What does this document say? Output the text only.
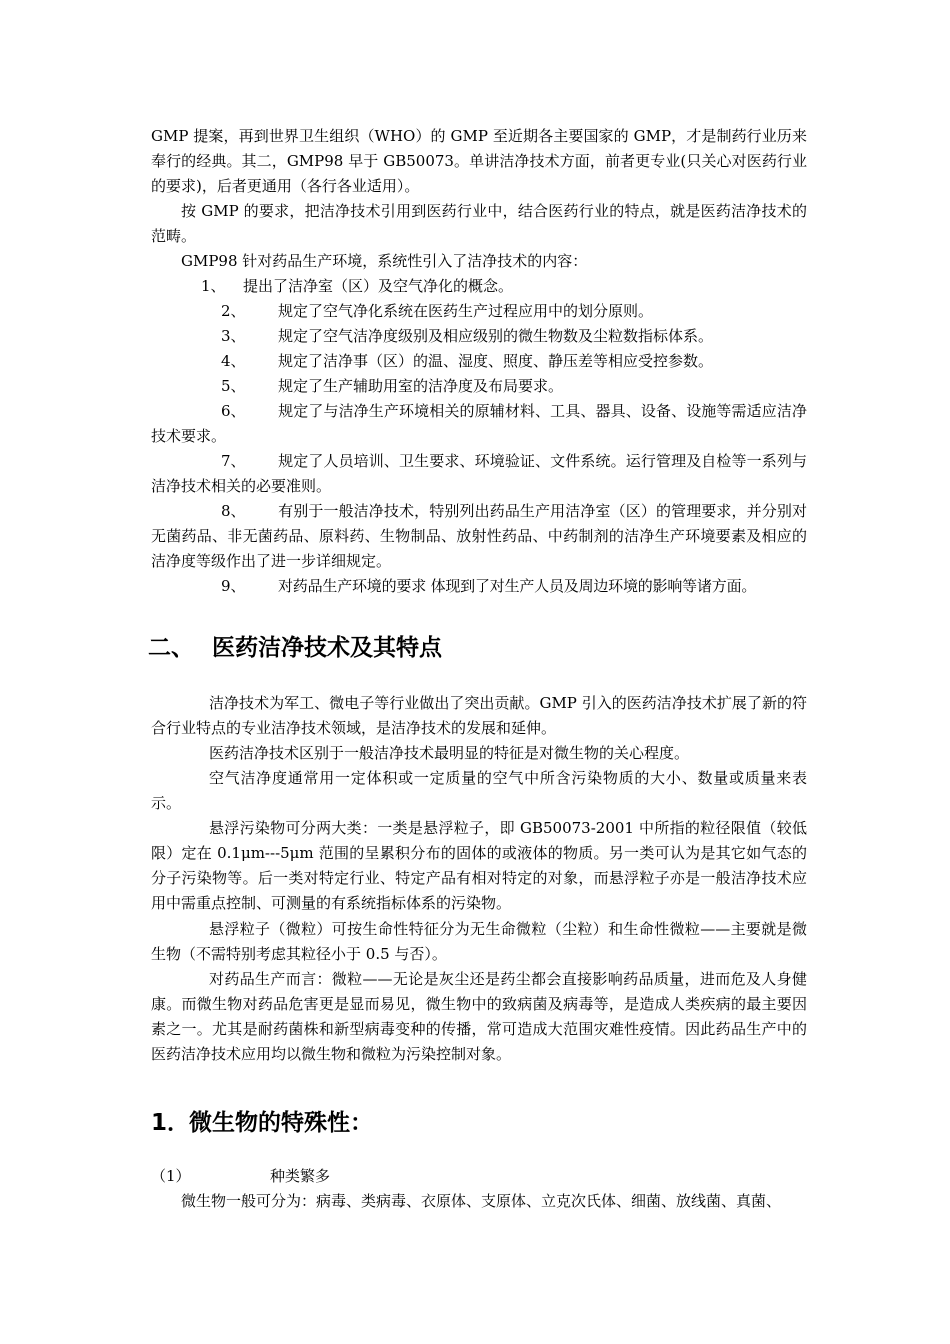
GMP 提案，再到世界卫生组织（WHO）的 GMP 至近期各主要国家的 GMP，才是制药行业历来奉行的经典。其二，GMP98 早于 GB50073。单讲洁净技术方面，前者更专业(只关心对医药行业的要求)，后者更通用（各行各业适用）。

按 GMP 的要求，把洁净技术引用到医药行业中，结合医药行业的特点，就是医药洁净技术的范畴。

GMP98 针对药品生产环境，系统性引入了洁净技术的内容：

1、 提出了洁净室（区）及空气净化的概念。
2、 规定了空气净化系统在医药生产过程应用中的划分原则。
3、 规定了空气洁净度级别及相应级别的微生物数及尘粒数指标体系。
4、 规定了洁净事（区）的温、湿度、照度、静压差等相应受控参数。
5、 规定了生产辅助用室的洁净度及布局要求。

6、 规定了与洁净生产环境相关的原辅材料、工具、器具、设备、设施等需适应洁净技术要求。

7、 规定了人员培训、卫生要求、环境验证、文件系统。运行管理及自检等一系列与洁净技术相关的必要准则。

8、 有别于一般洁净技术，特别列出药品生产用洁净室（区）的管理要求，并分别对无菌药品、非无菌药品、原料药、生物制品、放射性药品、中药制剂的洁净生产环境要素及相应的洁净度等级作出了进一步详细规定。

9、 对药品生产环境的要求 体现到了对生产人员及周边环境的影响等诸方面。
二、 医药洁净技术及其特点

洁净技术为军工、微电子等行业做出了突出贡献。GMP 引入的医药洁净技术扩展了新的符合行业特点的专业洁净技术领域，是洁净技术的发展和延伸。

医药洁净技术区别于一般洁净技术最明显的特征是对微生物的关心程度。

空气洁净度通常用一定体积或一定质量的空气中所含污染物质的大小、数量或质量来表示。

悬浮污染物可分两大类：一类是悬浮粒子，即 GB50073-2001 中所指的粒径限值（较低限）定在 0.1μm---5μm 范围的呈累积分布的固体的或液体的物质。另一类可认为是其它如气态的分子污染物等。后一类对特定行业、特定产品有相对特定的对象，而悬浮粒子亦是一般洁净技术应用中需重点控制、可测量的有系统指标体系的污染物。

悬浮粒子（微粒）可按生命性特征分为无生命微粒（尘粒）和生命性微粒——主要就是微生物（不需特别考虑其粒径小于 0.5 与否）。

对药品生产而言：微粒——无论是灰尘还是药尘都会直接影响药品质量，进而危及人身健康。而微生物对药品危害更是显而易见，微生物中的致病菌及病毒等，是造成人类疾病的最主要因素之一。尤其是耐药菌株和新型病毒变种的传播，常可造成大范围灾难性疫情。因此药品生产中的医药洁净技术应用均以微生物和微粒为污染控制对象。

1．
微生物的特殊性：
（1）	种类繁多

微生物一般可分为：病毒、类病毒、衣原体、支原体、立克次氏体、细菌、放线菌、真菌、
